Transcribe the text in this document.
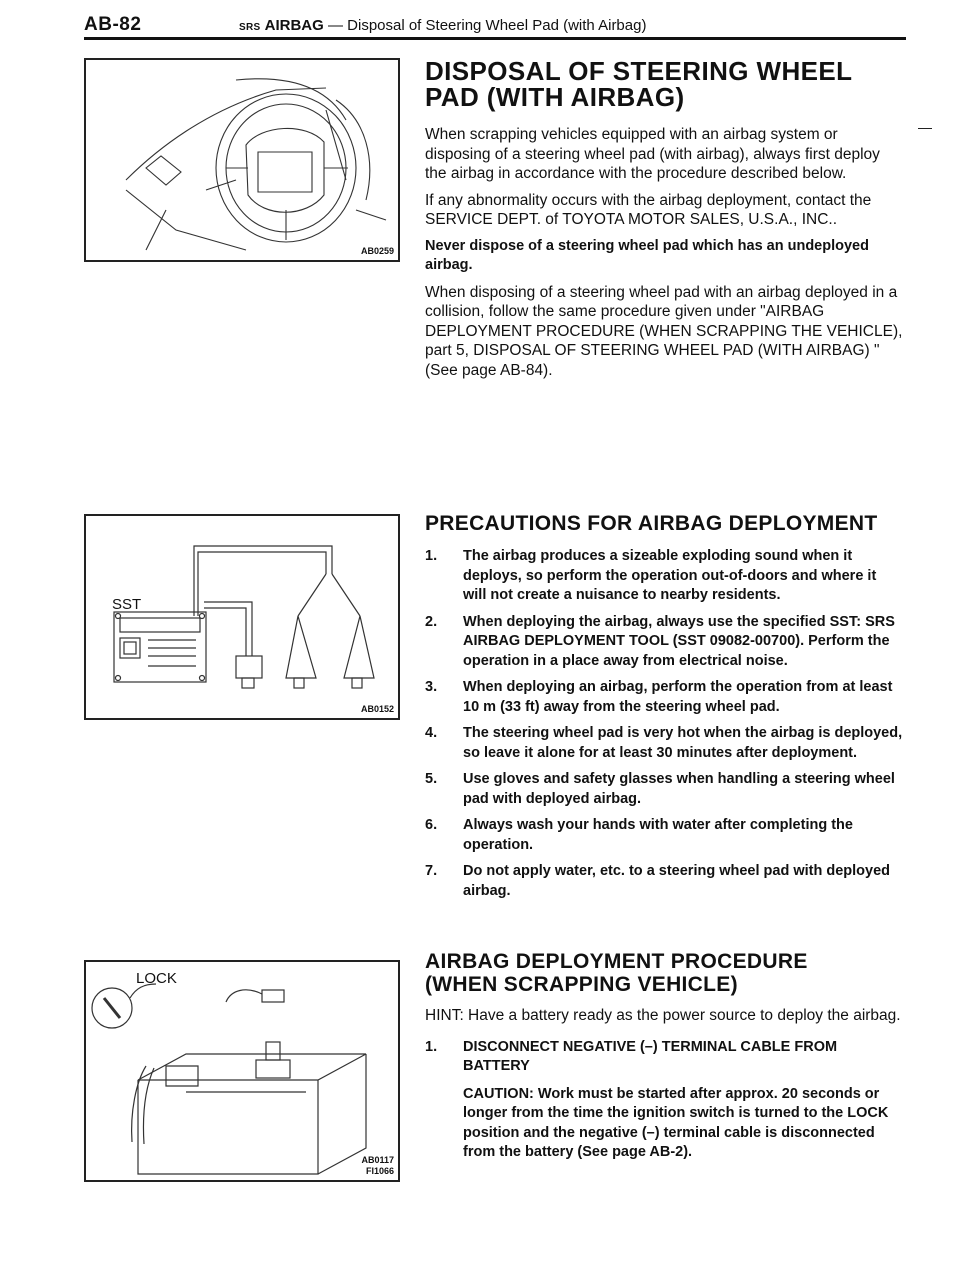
AB-82	SRS AIRBAG — Disposal of Steering Wheel Pad (with Airbag)
AB0259
SST
AB0152
LOCK
AB0117
FI1066
DISPOSAL OF STEERING WHEEL
PAD (WITH AIRBAG)

When scrapping vehicles equipped with an airbag system or disposing of a steering wheel pad (with airbag), always first deploy the airbag in accordance with the procedure described below.

If any abnormality occurs with the airbag deployment, contact the SERVICE DEPT. of TOYOTA MOTOR SALES, U.S.A., INC..

Never dispose of a steering wheel pad which has an undeployed airbag.

When disposing of a steering wheel pad with an airbag deployed in a collision, follow the same procedure given under "AIRBAG DEPLOYMENT PROCEDURE (WHEN SCRAPPING THE VEHICLE), part 5, DISPOSAL OF STEERING WHEEL PAD (WITH AIRBAG) "(See page AB-84).

PRECAUTIONS FOR AIRBAG DEPLOYMENT

1. The airbag produces a sizeable exploding sound when it deploys, so perform the operation out-of-doors and where it will not create a nuisance to nearby residents.

2. When deploying the airbag, always use the specified SST: SRS AIRBAG DEPLOYMENT TOOL (SST 09082-00700). Perform the operation in a place away from electrical noise.

3. When deploying an airbag, perform the operation from at least 10 m (33 ft) away from the steering wheel pad.

4. The steering wheel pad is very hot when the airbag is deployed, so leave it alone for at least 30 minutes after deployment.

5. Use gloves and safety glasses when handling a steering wheel pad with deployed airbag.

6. Always wash your hands with water after completing the operation.

7. Do not apply water, etc. to a steering wheel pad with deployed airbag.

AIRBAG DEPLOYMENT PROCEDURE
(WHEN SCRAPPING VEHICLE)

HINT: Have a battery ready as the power source to deploy the airbag.

1. DISCONNECT NEGATIVE (–) TERMINAL CABLE FROM BATTERY

CAUTION: Work must be started after approx. 20 seconds or longer from the time the ignition switch is turned to the LOCK position and the negative (–) terminal cable is disconnected from the battery (See page AB-2).
